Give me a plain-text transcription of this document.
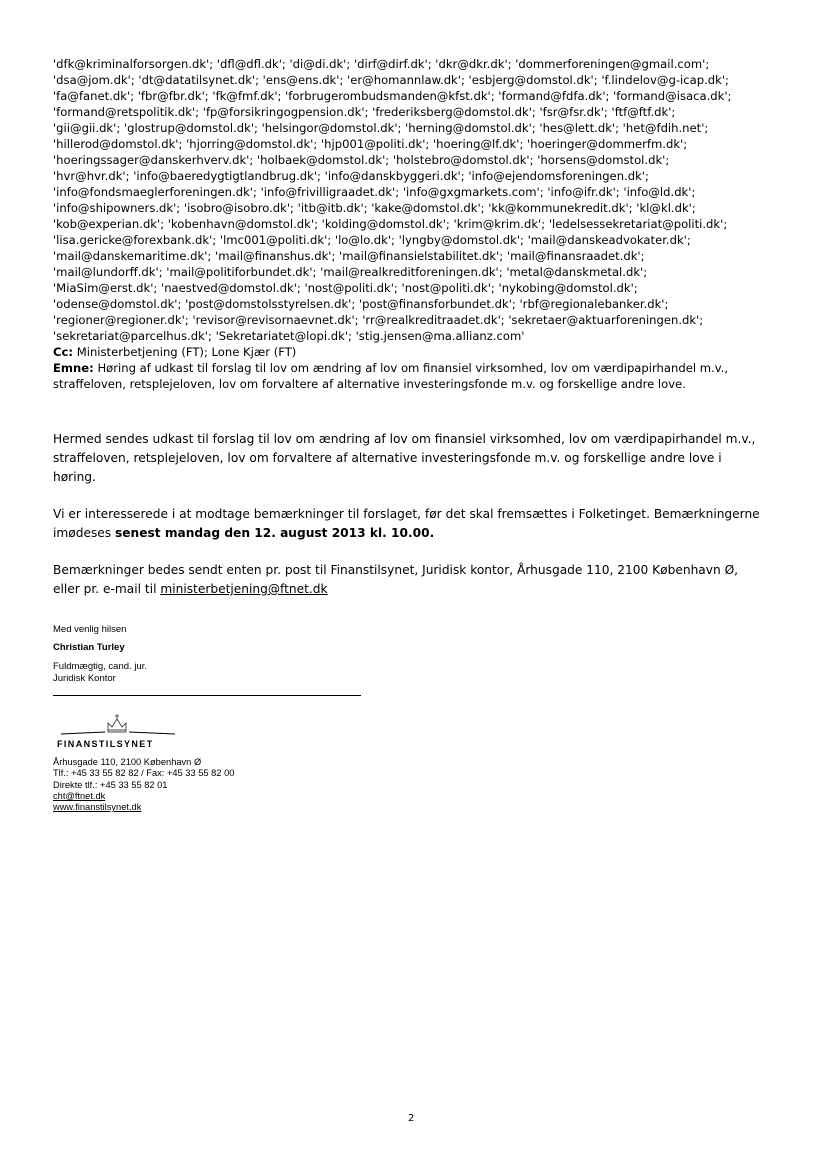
'dfk@kriminalforsorgen.dk'; 'dfl@dfl.dk'; 'di@di.dk'; 'dirf@dirf.dk'; 'dkr@dkr.dk'; 'dommerforeningen@gmail.com';
'dsa@jom.dk'; 'dt@datatilsynet.dk'; 'ens@ens.dk'; 'er@homannlaw.dk'; 'esbjerg@domstol.dk'; 'f.lindelov@g-icap.dk';
'fa@fanet.dk'; 'fbr@fbr.dk'; 'fk@fmf.dk'; 'forbrugerombudsmanden@kfst.dk'; 'formand@fdfa.dk'; 'formand@isaca.dk';
'formand@retspolitik.dk'; 'fp@forsikringogpension.dk'; 'frederiksberg@domstol.dk'; 'fsr@fsr.dk'; 'ftf@ftf.dk';
'gii@gii.dk'; 'glostrup@domstol.dk'; 'helsingor@domstol.dk'; 'herning@domstol.dk'; 'hes@lett.dk'; 'het@fdih.net';
'hillerod@domstol.dk'; 'hjorring@domstol.dk'; 'hjp001@politi.dk'; 'hoering@lf.dk'; 'hoeringer@dommerfm.dk';
'hoeringssager@danskerhverv.dk'; 'holbaek@domstol.dk'; 'holstebro@domstol.dk'; 'horsens@domstol.dk';
'hvr@hvr.dk'; 'info@baeredygtigtlandbrug.dk'; 'info@danskbyggeri.dk'; 'info@ejendomsforeningen.dk';
'info@fondsmaeglerforeningen.dk'; 'info@frivilligraadet.dk'; 'info@gxgmarkets.com'; 'info@ifr.dk'; 'info@ld.dk';
'info@shipowners.dk'; 'isobro@isobro.dk'; 'itb@itb.dk'; 'kake@domstol.dk'; 'kk@kommunekredit.dk'; 'kl@kl.dk';
'kob@experian.dk'; 'kobenhavn@domstol.dk'; 'kolding@domstol.dk'; 'krim@krim.dk'; 'ledelsessekretariat@politi.dk';
'lisa.gericke@forexbank.dk'; 'lmc001@politi.dk'; 'lo@lo.dk'; 'lyngby@domstol.dk'; 'mail@danskeadvokater.dk';
'mail@danskemaritime.dk'; 'mail@finanshus.dk'; 'mail@finansielstabilitet.dk'; 'mail@finansraadet.dk';
'mail@lundorff.dk'; 'mail@politiforbundet.dk'; 'mail@realkreditforeningen.dk'; 'metal@danskmetal.dk';
'MiaSim@erst.dk'; 'naestved@domstol.dk'; 'nost@politi.dk'; 'nost@politi.dk'; 'nykobing@domstol.dk';
'odense@domstol.dk'; 'post@domstolsstyrelsen.dk'; 'post@finansforbundet.dk'; 'rbf@regionalebanker.dk';
'regioner@regioner.dk'; 'revisor@revisornaevnet.dk'; 'rr@realkreditraadet.dk'; 'sekretaer@aktuarforeningen.dk';
'sekretariat@parcelhus.dk'; 'Sekretariatet@lopi.dk'; 'stig.jensen@ma.allianz.com'
Cc: Ministerbetjening (FT); Lone Kjær (FT)
Emne: Høring af udkast til forslag til lov om ændring af lov om finansiel virksomhed, lov om værdipapirhandel m.v.,
straffeloven, retsplejeloven, lov om forvaltere af alternative investeringsfonde m.v. og forskellige andre love.
Hermed sendes udkast til forslag til lov om ændring af lov om finansiel virksomhed, lov om værdipapirhandel m.v.,
straffeloven, retsplejeloven, lov om forvaltere af alternative investeringsfonde m.v. og forskellige andre love i
høring.
Vi er interesserede i at modtage bemærkninger til forslaget, før det skal fremsættes i Folketinget. Bemærkningerne
imødeses senest mandag den 12. august 2013 kl. 10.00.
Bemærkninger bedes sendt enten pr. post til Finanstilsynet, Juridisk kontor, Århusgade 110, 2100 København Ø,
eller pr. e-mail til ministerbetjening@ftnet.dk
Med venlig hilsen
Christian Turley
Fuldmægtig, cand. jur.
Juridisk Kontor
FINANSTILSYNET
Århusgade 110, 2100 København Ø
Tlf.: +45 33 55 82 82 / Fax: +45 33 55 82 00
Direkte tlf.: +45 33 55 82 01
cht@ftnet.dk
www.finanstilsynet.dk
2
